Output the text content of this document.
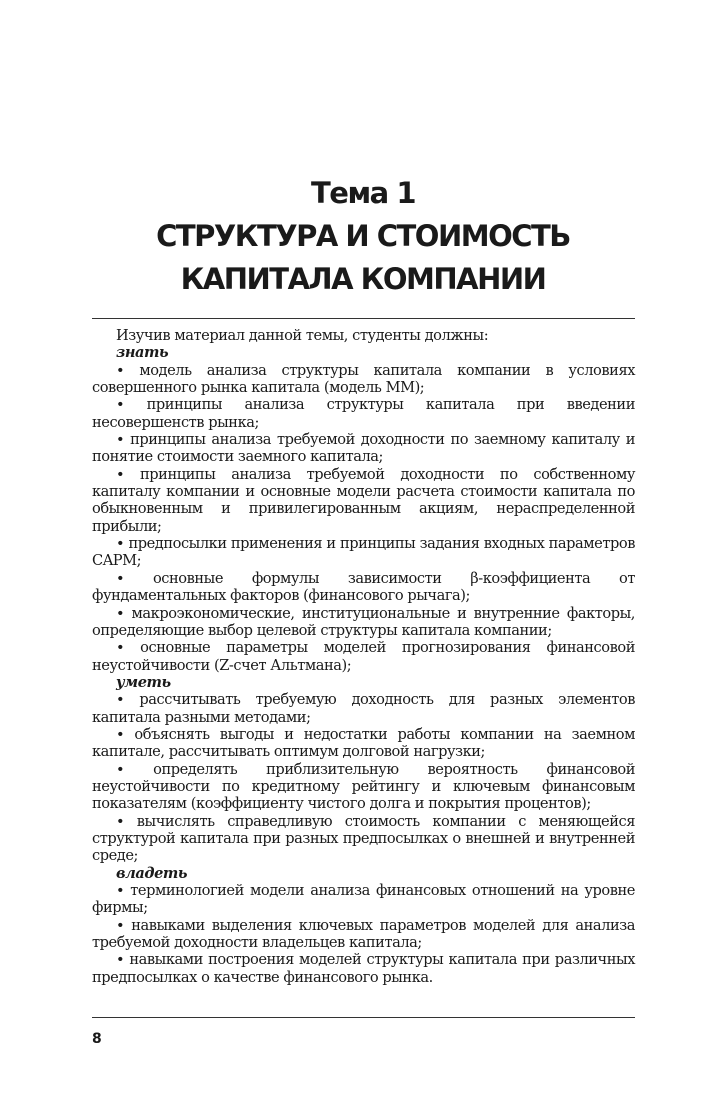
Тема 1
СТРУКТУРА И СТОИМОСТЬ
КАПИТАЛА КОМПАНИИ

Изучив материал данной темы, студенты должны:

знать

• модель анализа структуры капитала компании в условиях совершенного рынка капитала (модель ММ);

• принципы анализа структуры капитала при введении несовершенств рынка;

• принципы анализа требуемой доходности по заемному капиталу и понятие стоимости заемного капитала;

• принципы анализа требуемой доходности по собственному капиталу компании и основные модели расчета стоимости капитала по обыкновенным и привилегированным акциям, нераспределенной прибыли;

• предпосылки применения и принципы задания входных параметров CAPM;

• основные формулы зависимости β-коэффициента от фундаментальных факторов (финансового рычага);

• макроэкономические, институциональные и внутренние факторы, определяющие выбор целевой структуры капитала компании;

• основные параметры моделей прогнозирования финансовой неустойчивости (Z-счет Альтмана);

уметь

• рассчитывать требуемую доходность для разных элементов капитала разными методами;

• объяснять выгоды и недостатки работы компании на заемном капитале, рассчитывать оптимум долговой нагрузки;

• определять приблизительную вероятность финансовой неустойчивости по кредитному рейтингу и ключевым финансовым показателям (коэффициенту чистого долга и покрытия процентов);

• вычислять справедливую стоимость компании с меняющейся структурой капитала при разных предпосылках о внешней и внутренней среде;

владеть

• терминологией модели анализа финансовых отношений на уровне фирмы;

• навыками выделения ключевых параметров моделей для анализа требуемой доходности владельцев капитала;

• навыками построения моделей структуры капитала при различных предпосылках о качестве финансового рынка.

8
